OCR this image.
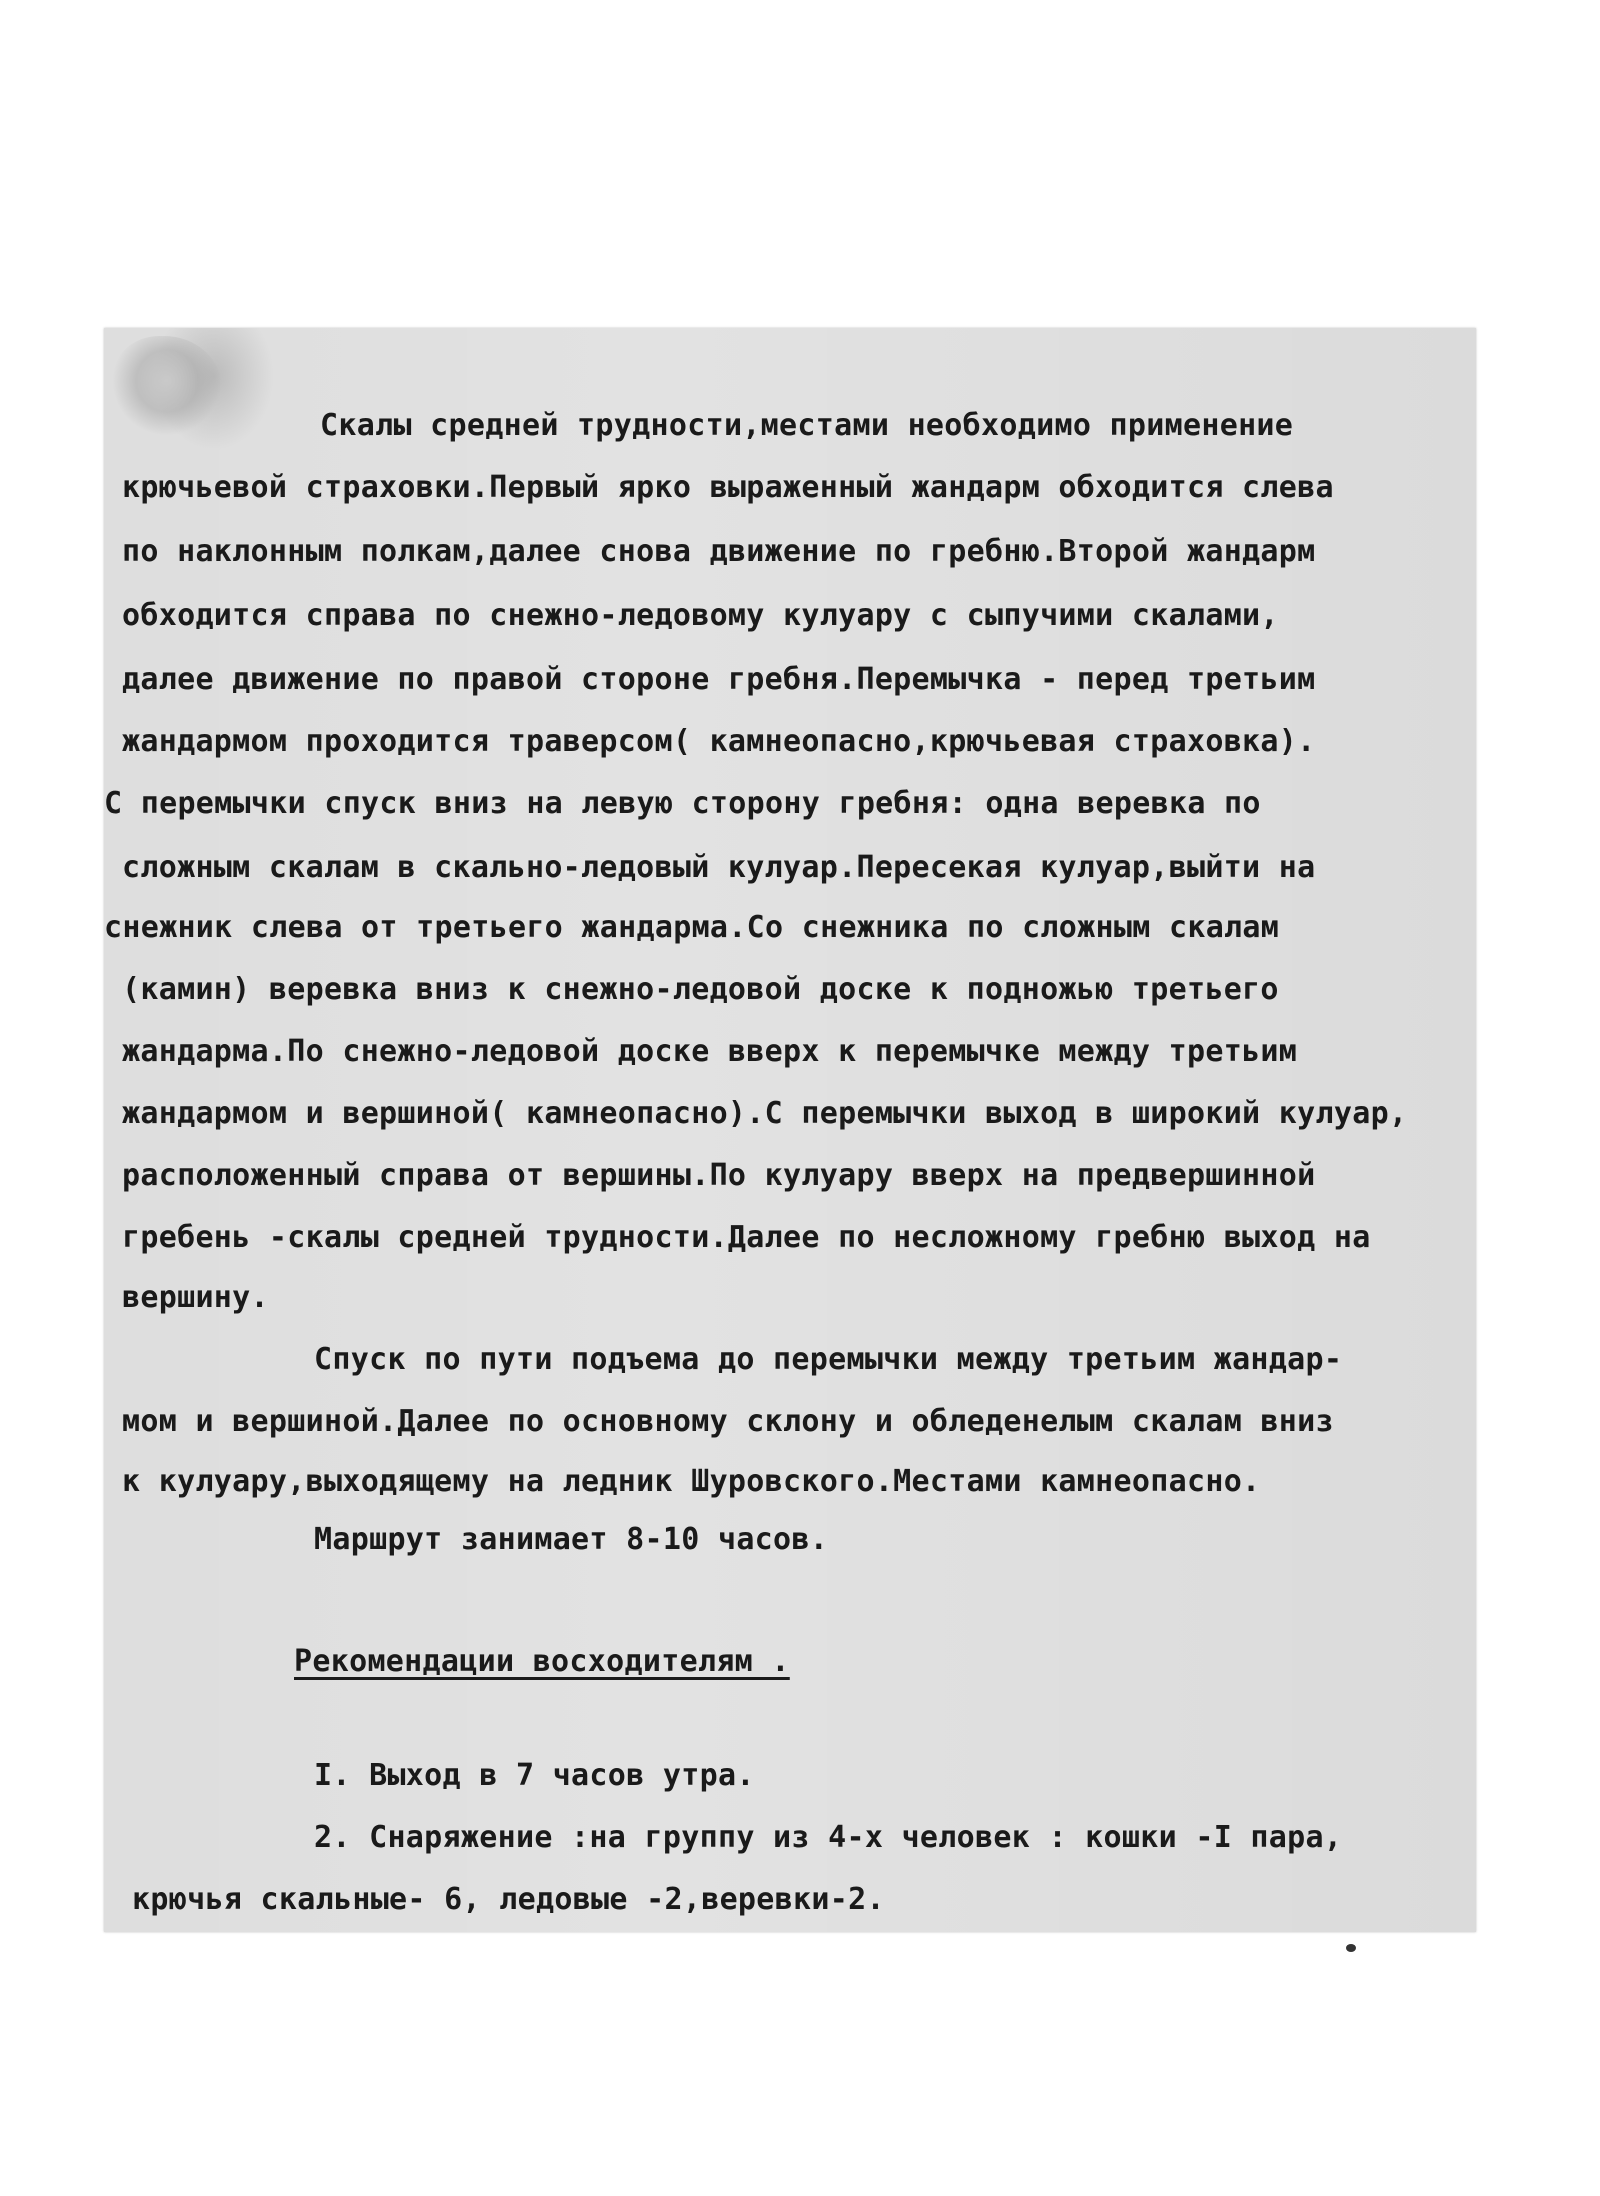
Скалы средней трудности,местами необходимо применение

крючьевой страховки.Первый ярко выраженный жандарм обходится слева

по наклонным полкам,далее снова движение по гребню.Второй жандарм

обходится справа по снежно-ледовому кулуару с сыпучими скалами,

далее движение по правой стороне гребня.Перемычка - перед третьим

жандармом проходится траверсом( камнеопасно,крючьевая страховка).

С перемычки спуск вниз на левую сторону гребня: одна веревка по

сложным скалам в скально-ледовый кулуар.Пересекая кулуар,выйти на

снежник слева от третьего жандарма.Со снежника по сложным скалам

(камин) веревка вниз к снежно-ледовой доске к подножью третьего

жандарма.По снежно-ледовой доске вверх к перемычке между третьим

жандармом и вершиной( камнеопасно).С перемычки выход в широкий кулуар,

расположенный справа от вершины.По кулуару вверх на предвершинной

гребень -скалы средней трудности.Далее по несложному гребню выход на

вершину.

Спуск по пути подъема до перемычки между третьим жандар-

мом и вершиной.Далее по основному склону и обледенелым скалам вниз

к кулуару,выходящему на ледник Шуровского.Местами камнеопасно.

Маршрут занимает 8-10 часов.

Рекомендации восходителям .

I. Выход в 7 часов утра.

2. Снаряжение :на группу из 4-х человек : кошки -I пара,

крючья скальные- 6, ледовые -2,веревки-2.
